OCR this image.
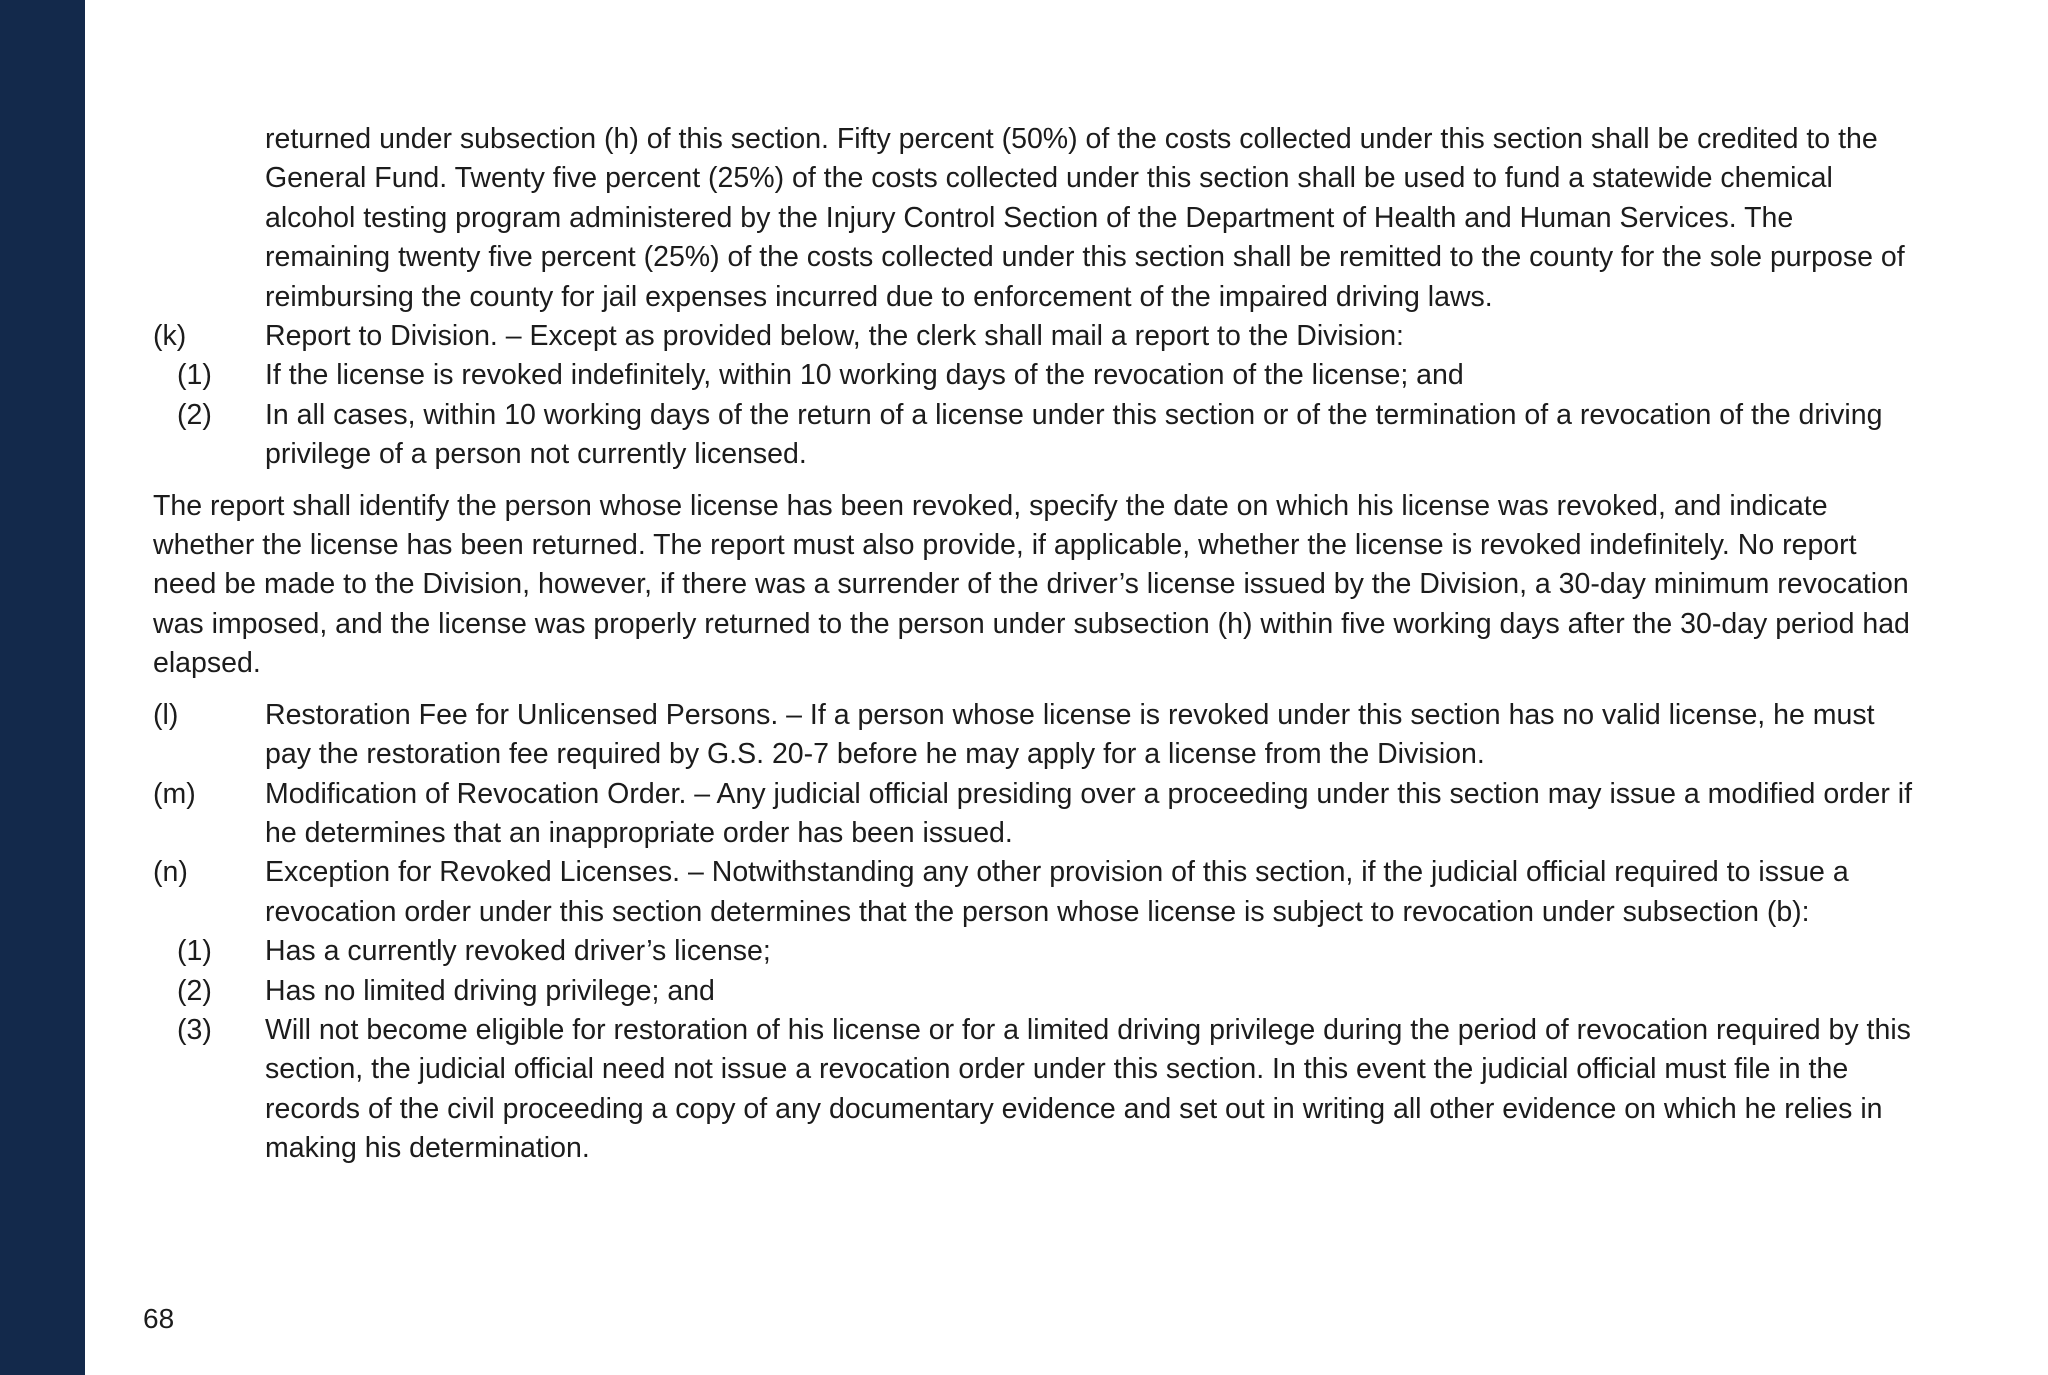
returned under subsection (h) of this section. Fifty percent (50%) of the costs collected under this section shall be credited to the General Fund. Twenty five percent (25%) of the costs collected under this section shall be used to fund a statewide chemical alcohol testing program administered by the Injury Control Section of the Department of Health and Human Services. The remaining twenty five percent (25%) of the costs collected under this section shall be remitted to the county for the sole purpose of reimbursing the county for jail expenses incurred due to enforcement of the impaired driving laws.
(k)	Report to Division. – Except as provided below, the clerk shall mail a report to the Division:
(1) If the license is revoked indefinitely, within 10 working days of the revocation of the license; and
(2) In all cases, within 10 working days of the return of a license under this section or of the termination of a revocation of the driving privilege of a person not currently licensed.
The report shall identify the person whose license has been revoked, specify the date on which his license was revoked, and indicate whether the license has been returned. The report must also provide, if applicable, whether the license is revoked indefinitely. No report need be made to the Division, however, if there was a surrender of the driver’s license issued by the Division, a 30-day minimum revocation was imposed, and the license was properly returned to the person under subsection (h) within five working days after the 30-day period had elapsed.
(l)	Restoration Fee for Unlicensed Persons. – If a person whose license is revoked under this section has no valid license, he must pay the restoration fee required by G.S. 20-7 before he may apply for a license from the Division.
(m) Modification of Revocation Order. – Any judicial official presiding over a proceeding under this section may issue a modified order if he determines that an inappropriate order has been issued.
(n)	Exception for Revoked Licenses. – Notwithstanding any other provision of this section, if the judicial official required to issue a revocation order under this section determines that the person whose license is subject to revocation under subsection (b):
(1) Has a currently revoked driver’s license;
(2) Has no limited driving privilege; and
(3) Will not become eligible for restoration of his license or for a limited driving privilege during the period of revocation required by this section, the judicial official need not issue a revocation order under this section. In this event the judicial official must file in the records of the civil proceeding a copy of any documentary evidence and set out in writing all other evidence on which he relies in making his determination.
68
